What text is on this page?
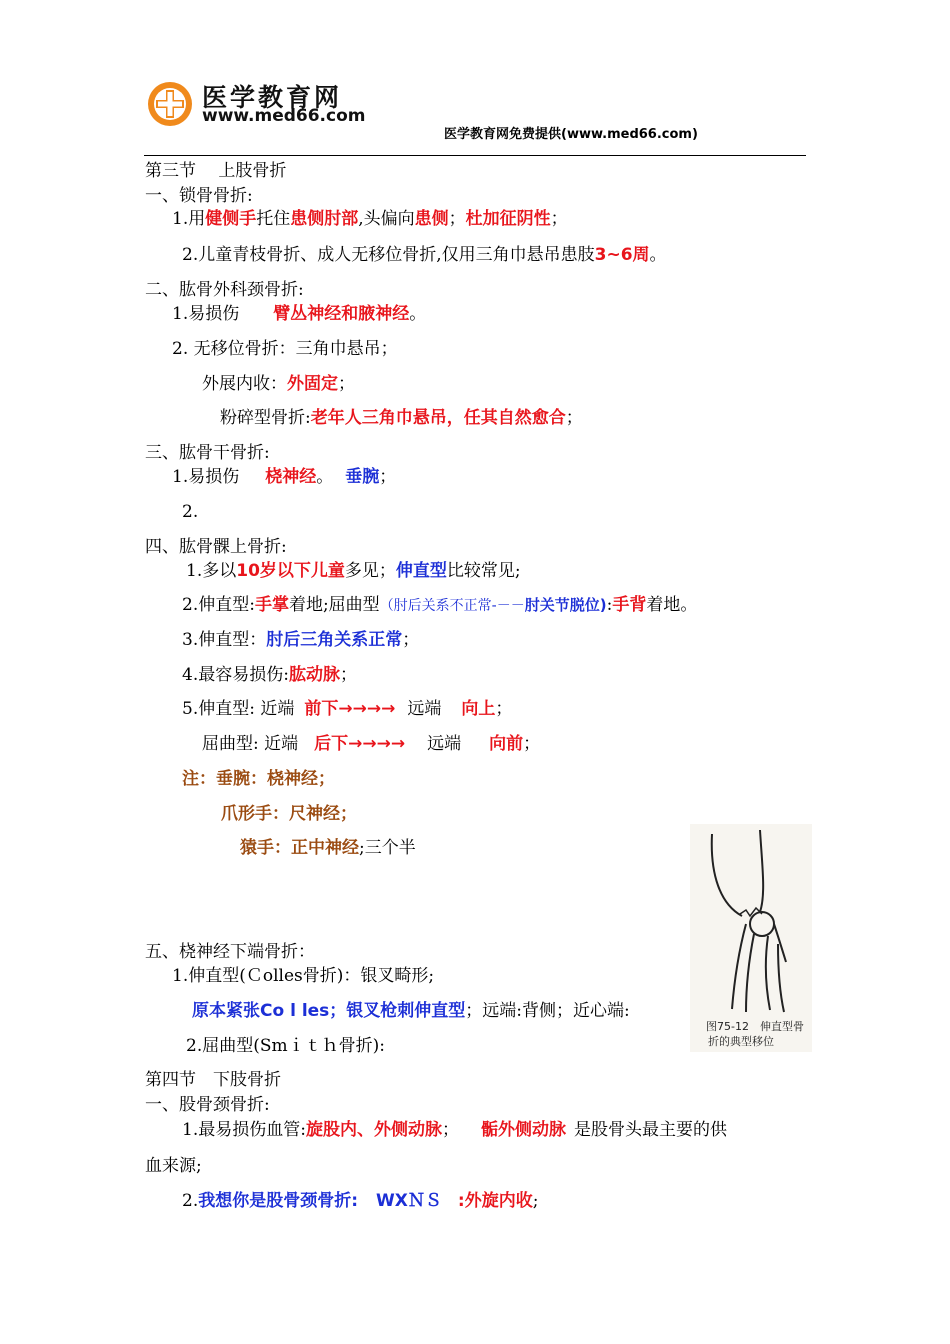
医学教育网
www.med66.com
医学教育网免费提供(www.med66.com)
第三节　 上肢骨折
一、锁骨骨折:
1.用健侧手托住患侧肘部,头偏向患侧；杜加征阴性；
2.儿童青枝骨折、成人无移位骨折,仅用三角巾悬吊患肢3~6周。
二、肱骨外科颈骨折:
1.易损伤 臂丛神经和腋神经。
2. 无移位骨折：三角巾悬吊；
外展内收：外固定；
粉碎型骨折:老年人三角巾悬吊，任其自然愈合；
三、肱骨干骨折:
1.易损伤 桡神经。 垂腕；
2.
四、肱骨髁上骨折:
1.多以10岁以下儿童多见；伸直型比较常见;
2.伸直型:手掌着地;屈曲型（肘后关系不正常-－－肘关节脱位):手背着地。
3.伸直型：肘后三角关系正常；
4.最容易损伤:肱动脉；
5.伸直型: 近端 前下→→→→ 远端 向上；
屈曲型: 近端 后下→→→→ 远端 向前；
注：垂腕：桡神经；
爪形手：尺神经；
猿手：正中神经;三个半
五、桡神经下端骨折：
1.伸直型(Ｃolles骨折)：银叉畸形;
原本紧张Co l les；银叉枪刺伸直型；远端:背侧；近心端:
2.屈曲型(Smｉｔｈ骨折):
第四节　下肢骨折
一、股骨颈骨折:
1.最易损伤血管:旋股内、外侧动脉； 骺外侧动脉 是股骨头最主要的供
血来源;
2.我想你是股骨颈骨折: WXＮＳ :外旋内收;
图75-12　伸直型骨
折的典型移位
